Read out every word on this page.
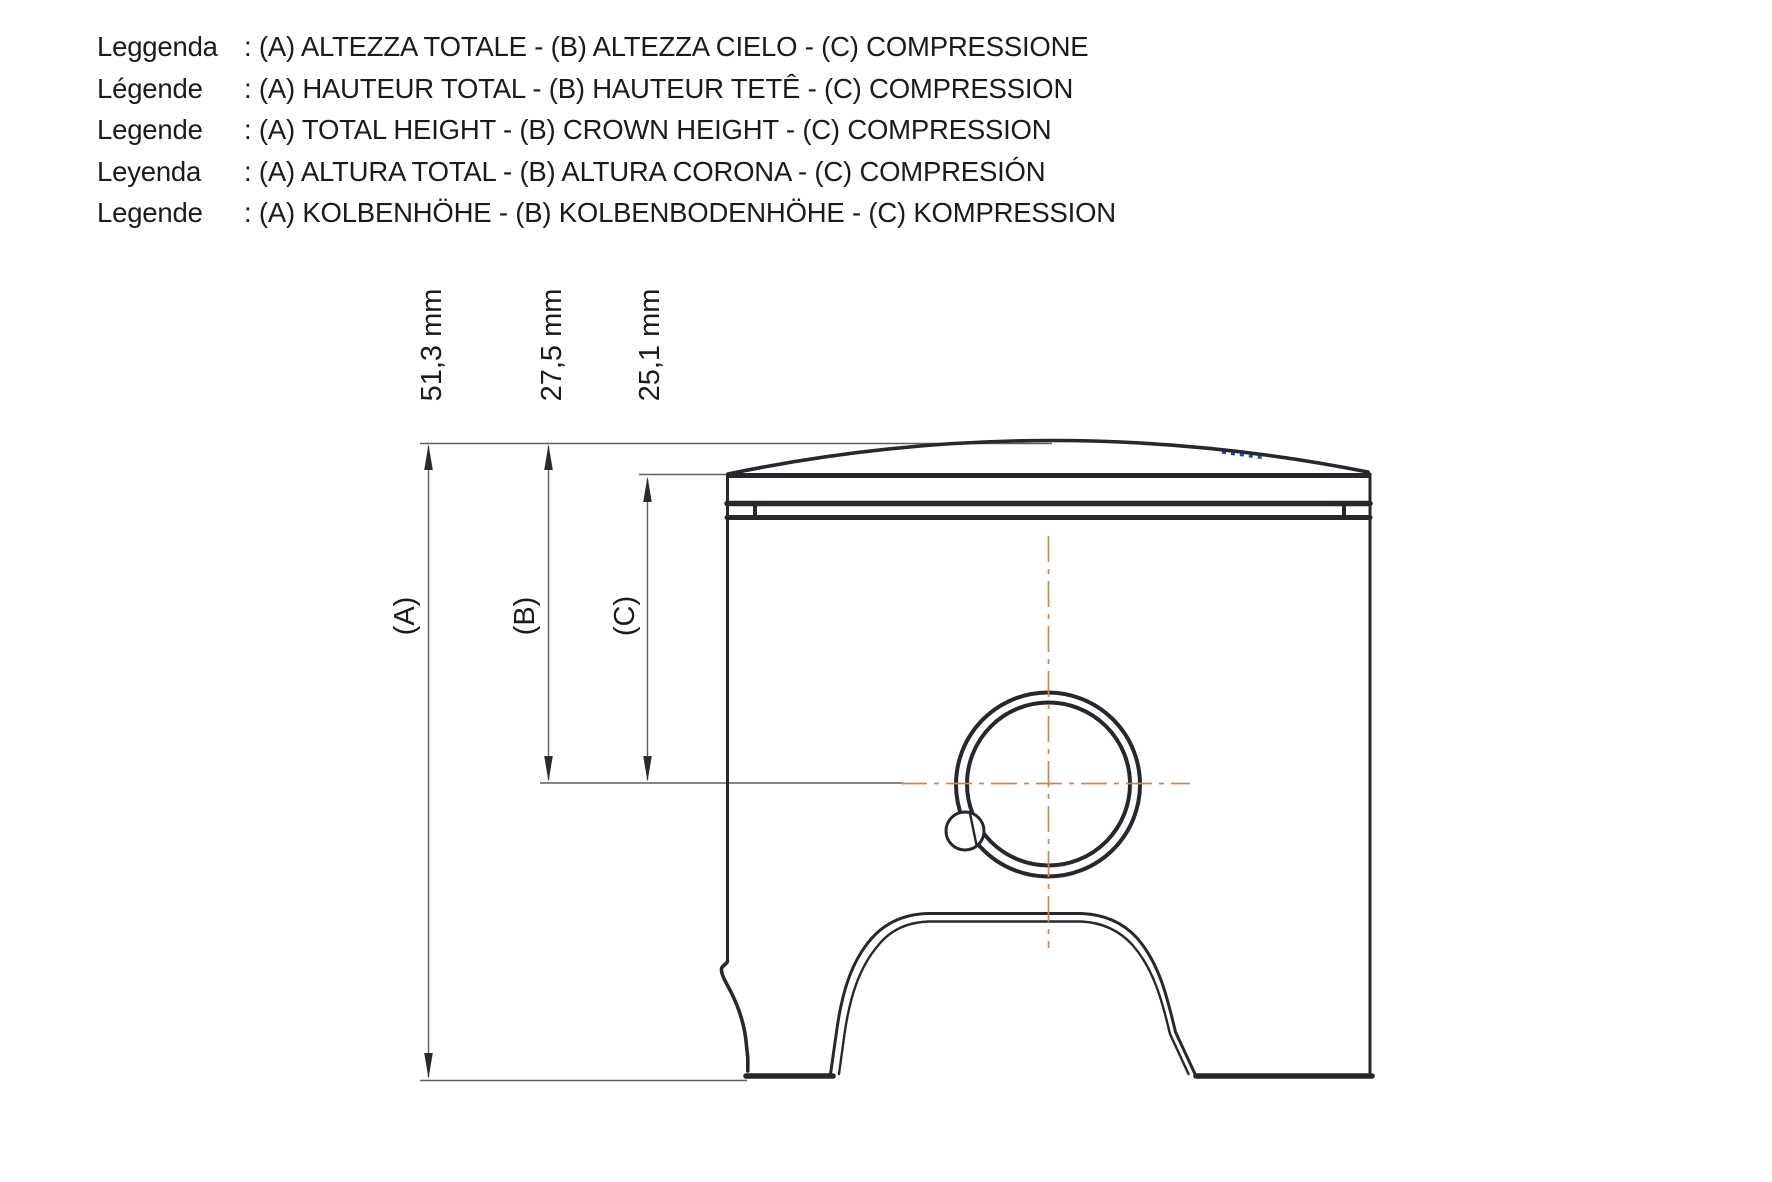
Leggenda : (A) ALTEZZA TOTALE - (B) ALTEZZA CIELO - (C) COMPRESSIONE
Légende : (A) HAUTEUR TOTAL - (B) HAUTEUR TETÊ - (C) COMPRESSION
Legende : (A) TOTAL HEIGHT - (B) CROWN HEIGHT - (C) COMPRESSION
Leyenda : (A) ALTURA TOTAL - (B) ALTURA CORONA - (C) COMPRESIÓN
Legende : (A) KOLBENHÖHE - (B) KOLBENBODENHÖHE - (C) KOMPRESSION
51,3 mm	27,5 mm 25,1 mm
(A)	(B) (C)
